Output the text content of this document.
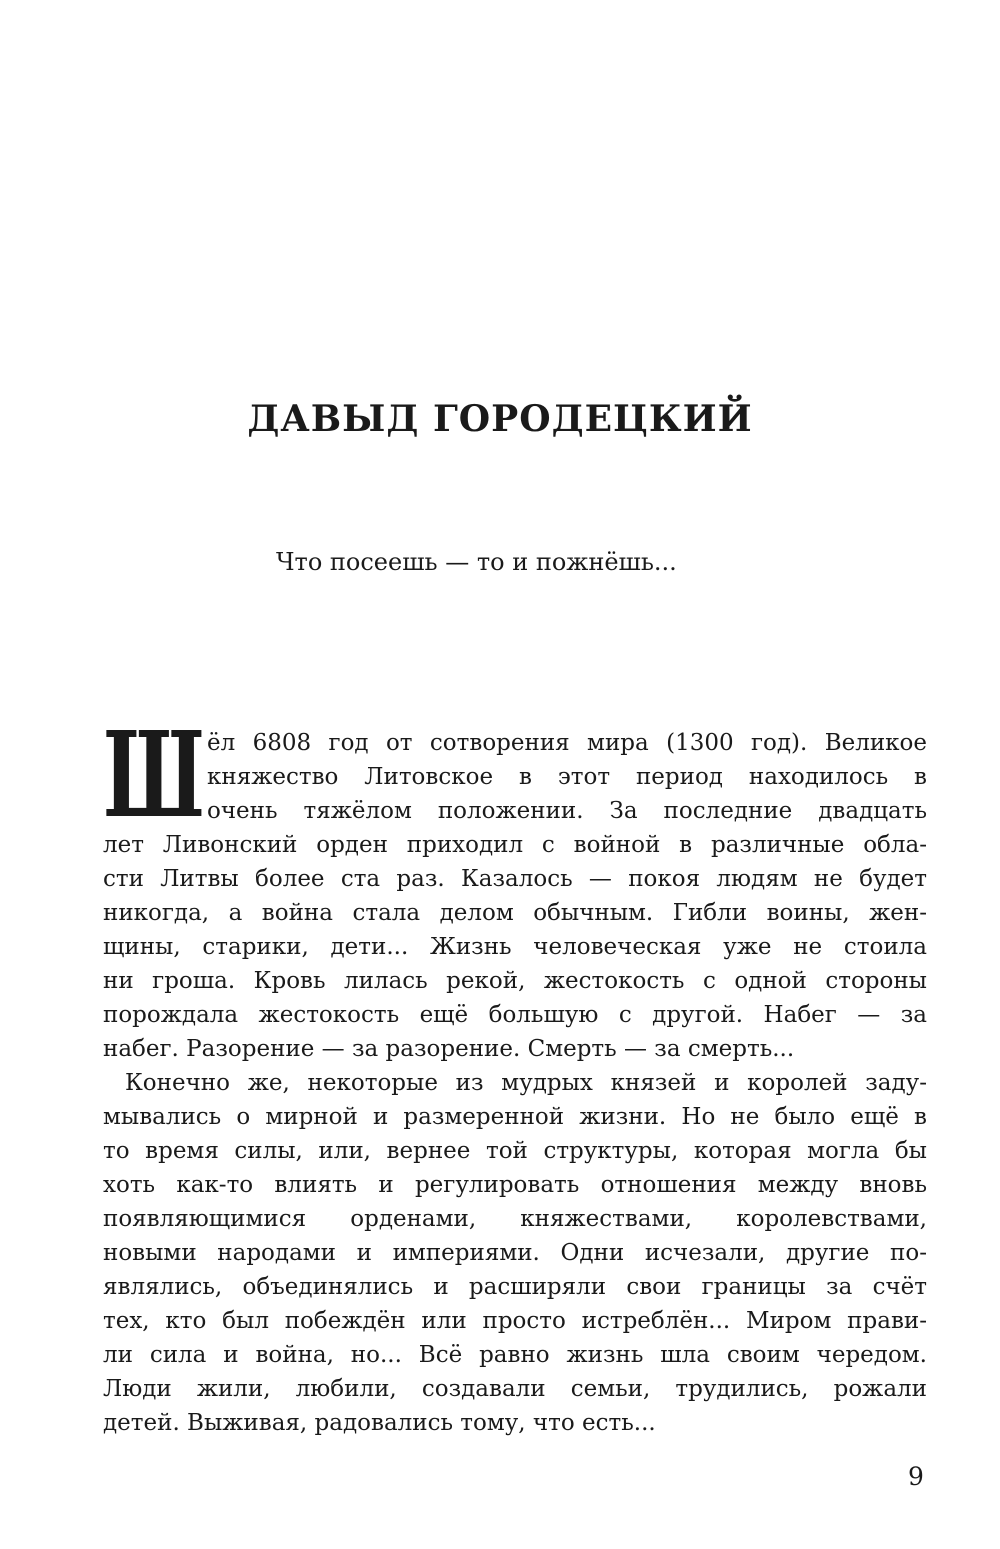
ДАВЫД ГОРОДЕЦКИЙ

Что посеешь — то и пожнёшь...

Ш ёл 6808 год от сотворения мира (1300 год). Великое
княжество Литовское в этот период находилось в
очень тяжёлом положении. За последние двадцать
лет Ливонский орден приходил с войной в различные обла-
сти Литвы более ста раз. Казалось — покоя людям не будет
никогда, а война стала делом обычным. Гибли воины, жен-
щины, старики, дети... Жизнь человеческая уже не стоила
ни гроша. Кровь лилась рекой, жестокость с одной стороны
порождала жестокость ещё большую с другой. Набег — за
набег. Разорение — за разорение. Смерть — за смерть...
Конечно же, некоторые из мудрых князей и королей заду-
мывались о мирной и размеренной жизни. Но не было ещё в
то время силы, или, вернее той структуры, которая могла бы
хоть как-то влиять и регулировать отношения между вновь
появляющимися орденами, княжествами, королевствами,
новыми народами и империями. Одни исчезали, другие по-
являлись, объединялись и расширяли свои границы за счёт
тех, кто был побеждён или просто истреблён... Миром прави-
ли сила и война, но... Всё равно жизнь шла своим чередом.
Люди жили, любили, создавали семьи, трудились, рожали
детей. Выживая, радовались тому, что есть...
9
